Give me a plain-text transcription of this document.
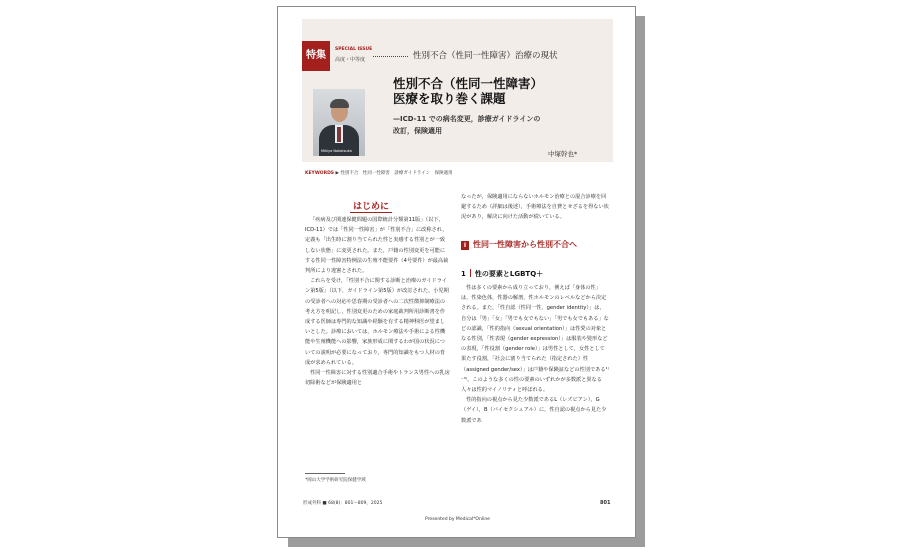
特集
SPECIAL ISSUE
高度・中等度	性別不合（性同一性障害）治療の現状
Mikiya Nakatsuka
性別不合（性同一性障害）
医療を取り巻く課題
—ICD-11 での病名変更，診療ガイドラインの
改訂，保険適用
中塚幹也*
KEYWORDS ▶ 性別不合　性同一性障害　診療ガイドライン　保険適用
はじめに

「疾病及び関連保健問題の国際統計分類第11版」（以下，ICD-11）では「性同一性障害」が「性別不合」に改称され，定義も「出生時に割り当てられた性と実感する性別とが一致しない状態」に変更された。また，戸籍の性別変更を可能にする性同一性障害特例法の生殖不能要件（4号要件）が最高裁判所により違憲とされた。

これらを受け，「性別不合に関する診断と治療のガイドライン第5版」（以下，ガイドライン第5版）が改訂された。小児期の受診者への対応や思春期の受診者への二次性徴抑制療法の考え方を明記し，性別変更のための家庭裁判所用診断書を作成する医師は専門的な知識や経験を有する精神科医が望ましいとした。診療においては，ホルモン療法や手術による性機能や生殖機能への影響，家族形成に関するわが国の状況についての説明が必要になっており，専門的知識をもつ人材の育成が求められている。

性同一性障害に対する性別適合手術やトランス男性への乳房切除術などが保険適用と

なったが，保険適用にならないホルモン治療との混合診療を回避するため（詳細は後述），手術療法を自費とせざるを得ない状況があり，解決に向けた活動が続いている。

I 性同一性障害から性別不合へ
1 性の要素とLGBTQ＋

性は多くの要素から成り立っており，例えば「身体の性」は，性染色体，性器の解剖，性ホルモンのレベルなどから決定される。また，「性自認（性同一性，gender identity）」は，自分は「男」「女」「男でも女でもない」「男でも女でもある」などの認識，「性的指向（sexual orientation）」は性愛の対象となる性別，「性表現（gender expression）」は服装や髪形などの表現，「性役割（gender role）」は男性として，女性として果たす役割，「社会に割り当てられた（指定された）性（assigned gender/sex）」は戸籍や保険証などの性別である¹⁾⁻³⁾。このような多くの性の要素のいずれかが多数派と異なる人々は性的マイノリティと呼ばれる。

性的指向の視点から見た少数派であるL（レズビアン），G（ゲイ），B（バイセクシュアル）に，性自認の視点から見た少数派であ

*岡山大学学術研究院保健学域
形成外科 ■ 68(8)：801～809，2025	801
Presented by Medical*Online
